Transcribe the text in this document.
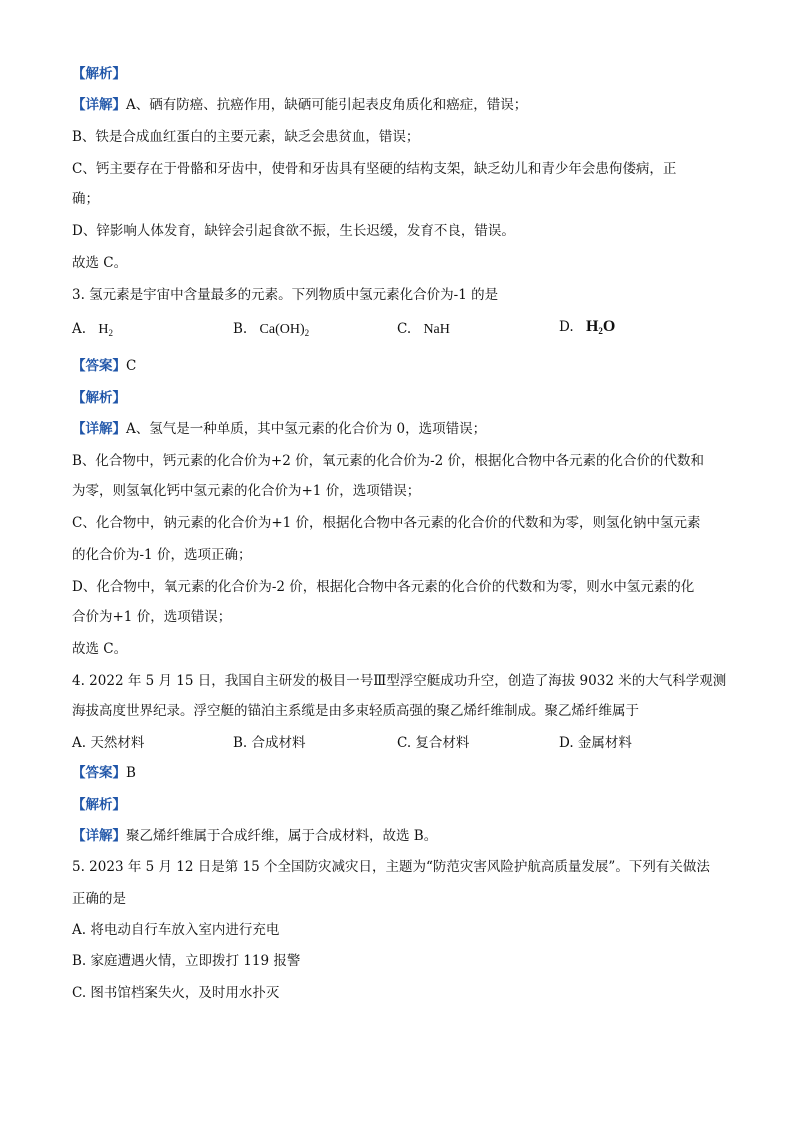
【解析】
【详解】A、硒有防癌、抗癌作用，缺硒可能引起表皮角质化和癌症，错误；
B、铁是合成血红蛋白的主要元素，缺乏会患贫血，错误；
C、钙主要存在于骨骼和牙齿中，使骨和牙齿具有坚硬的结构支架，缺乏幼儿和青少年会患佝偻病，正
确；
D、锌影响人体发育，缺锌会引起食欲不振，生长迟缓，发育不良，错误。
故选 C。
3. 氢元素是宇宙中含量最多的元素。下列物质中氢元素化合价为-1 的是
A. $H_2$	B. $Ca(OH)_2$	C. NaH	D. $H_2O$
【答案】C
【解析】
【详解】A、氢气是一种单质，其中氢元素的化合价为 0，选项错误；
B、化合物中，钙元素的化合价为+2 价，氧元素的化合价为-2 价，根据化合物中各元素的化合价的代数和
为零，则氢氧化钙中氢元素的化合价为+1 价，选项错误；
C、化合物中，钠元素的化合价为+1 价，根据化合物中各元素的化合价的代数和为零，则氢化钠中氢元素
的化合价为-1 价，选项正确；
D、化合物中，氧元素的化合价为-2 价，根据化合物中各元素的化合价的代数和为零，则水中氢元素的化
合价为+1 价，选项错误；
故选 C。
4. 2022 年 5 月 15 日，我国自主研发的极目一号Ⅲ型浮空艇成功升空，创造了海拔 9032 米的大气科学观测
海拔高度世界纪录。浮空艇的锚泊主系缆是由多束轻质高强的聚乙烯纤维制成。聚乙烯纤维属于
A. 天然材料	B. 合成材料	C. 复合材料	D. 金属材料
【答案】B
【解析】
【详解】聚乙烯纤维属于合成纤维，属于合成材料，故选 B。
5. 2023 年 5 月 12 日是第 15 个全国防灾减灾日，主题为“防范灾害风险护航高质量发展”。下列有关做法
正确的是
A. 将电动自行车放入室内进行充电
B. 家庭遭遇火情，立即拨打 119 报警
C. 图书馆档案失火，及时用水扑灭
